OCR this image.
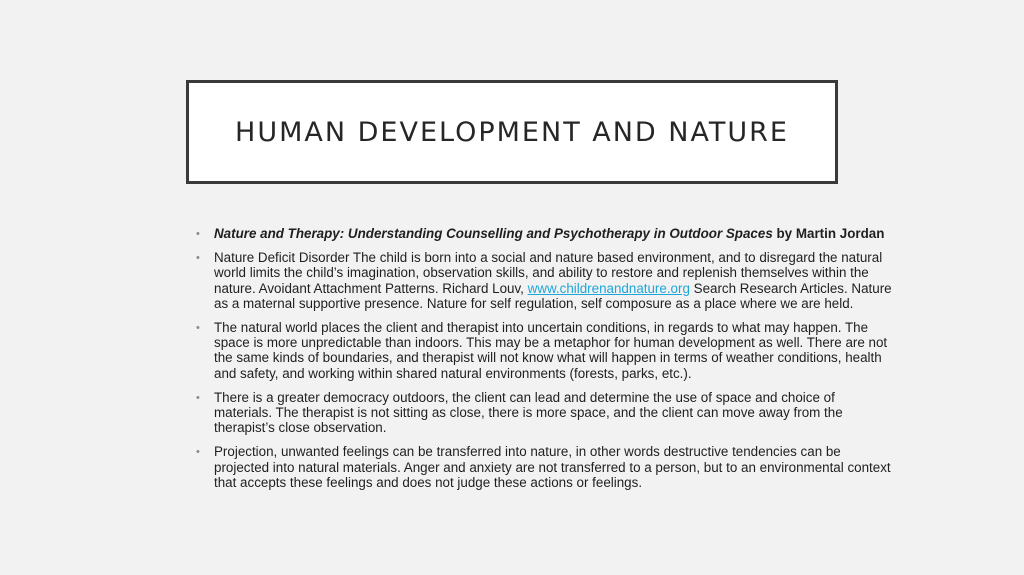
HUMAN DEVELOPMENT AND NATURE
• Nature and Therapy: Understanding Counselling and Psychotherapy in Outdoor Spaces by Martin Jordan
• Nature Deficit Disorder The child is born into a social and nature based environment, and to disregard the natural world limits the child’s imagination, observation skills, and ability to restore and replenish themselves within the nature. Avoidant Attachment Patterns. Richard Louv, www.childrenandnature.org Search Research Articles. Nature as a maternal supportive presence. Nature for self regulation, self composure as a place where we are held.
• The natural world places the client and therapist into uncertain conditions, in regards to what may happen. The space is more unpredictable than indoors. This may be a metaphor for human development as well. There are not the same kinds of boundaries, and therapist will not know what will happen in terms of weather conditions, health and safety, and working within shared natural environments (forests, parks, etc.).
• There is a greater democracy outdoors, the client can lead and determine the use of space and choice of materials. The therapist is not sitting as close, there is more space, and the client can move away from the therapist’s close observation.
• Projection, unwanted feelings can be transferred into nature, in other words destructive tendencies can be projected into natural materials. Anger and anxiety are not transferred to a person, but to an environmental context that accepts these feelings and does not judge these actions or feelings.
